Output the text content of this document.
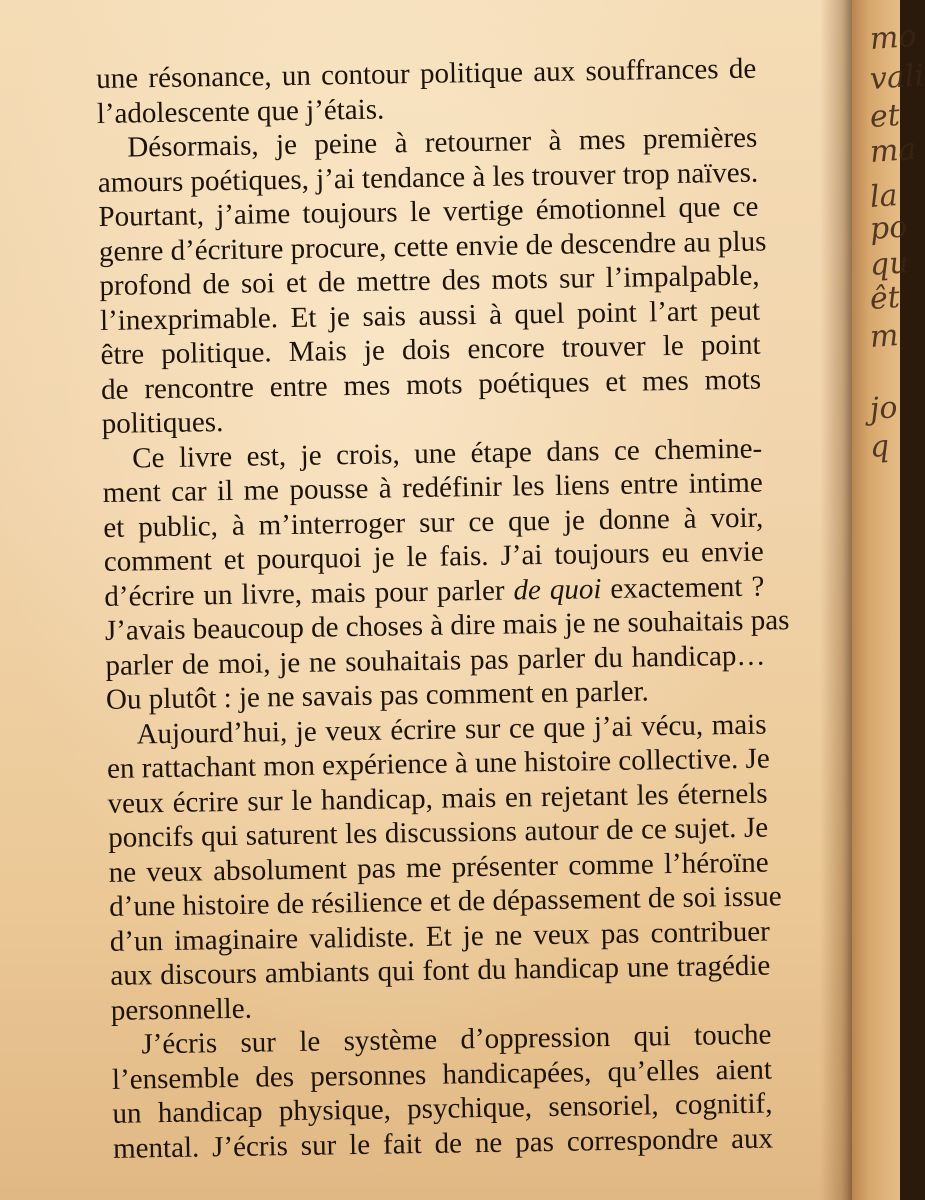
une résonance, un contour politique aux souffrances de
l’adolescente que j’étais.
Désormais, je peine à retourner à mes premières
amours poétiques, j’ai tendance à les trouver trop naïves.
Pourtant, j’aime toujours le vertige émotionnel que ce
genre d’écriture procure, cette envie de descendre au plus
profond de soi et de mettre des mots sur l’impalpable,
l’inexprimable. Et je sais aussi à quel point l’art peut
être politique. Mais je dois encore trouver le point
de rencontre entre mes mots poétiques et mes mots
politiques.
Ce livre est, je crois, une étape dans ce chemine-
ment car il me pousse à redéfinir les liens entre intime
et public, à m’interroger sur ce que je donne à voir,
comment et pourquoi je le fais. J’ai toujours eu envie
d’écrire un livre, mais pour parler de quoi exactement ?
J’avais beaucoup de choses à dire mais je ne souhaitais pas
parler de moi, je ne souhaitais pas parler du handicap…
Ou plutôt : je ne savais pas comment en parler.
Aujourd’hui, je veux écrire sur ce que j’ai vécu, mais
en rattachant mon expérience à une histoire collective. Je
veux écrire sur le handicap, mais en rejetant les éternels
poncifs qui saturent les discussions autour de ce sujet. Je
ne veux absolument pas me présenter comme l’héroïne
d’une histoire de résilience et de dépassement de soi issue
d’un imaginaire validiste. Et je ne veux pas contribuer
aux discours ambiants qui font du handicap une tragédie
personnelle.
J’écris sur le système d’oppression qui touche
l’ensemble des personnes handicapées, qu’elles aient
un handicap physique, psychique, sensoriel, cognitif,
mental. J’écris sur le fait de ne pas correspondre aux
mo
vali
et
ma
la
po
qu
êt
m
jo
q
